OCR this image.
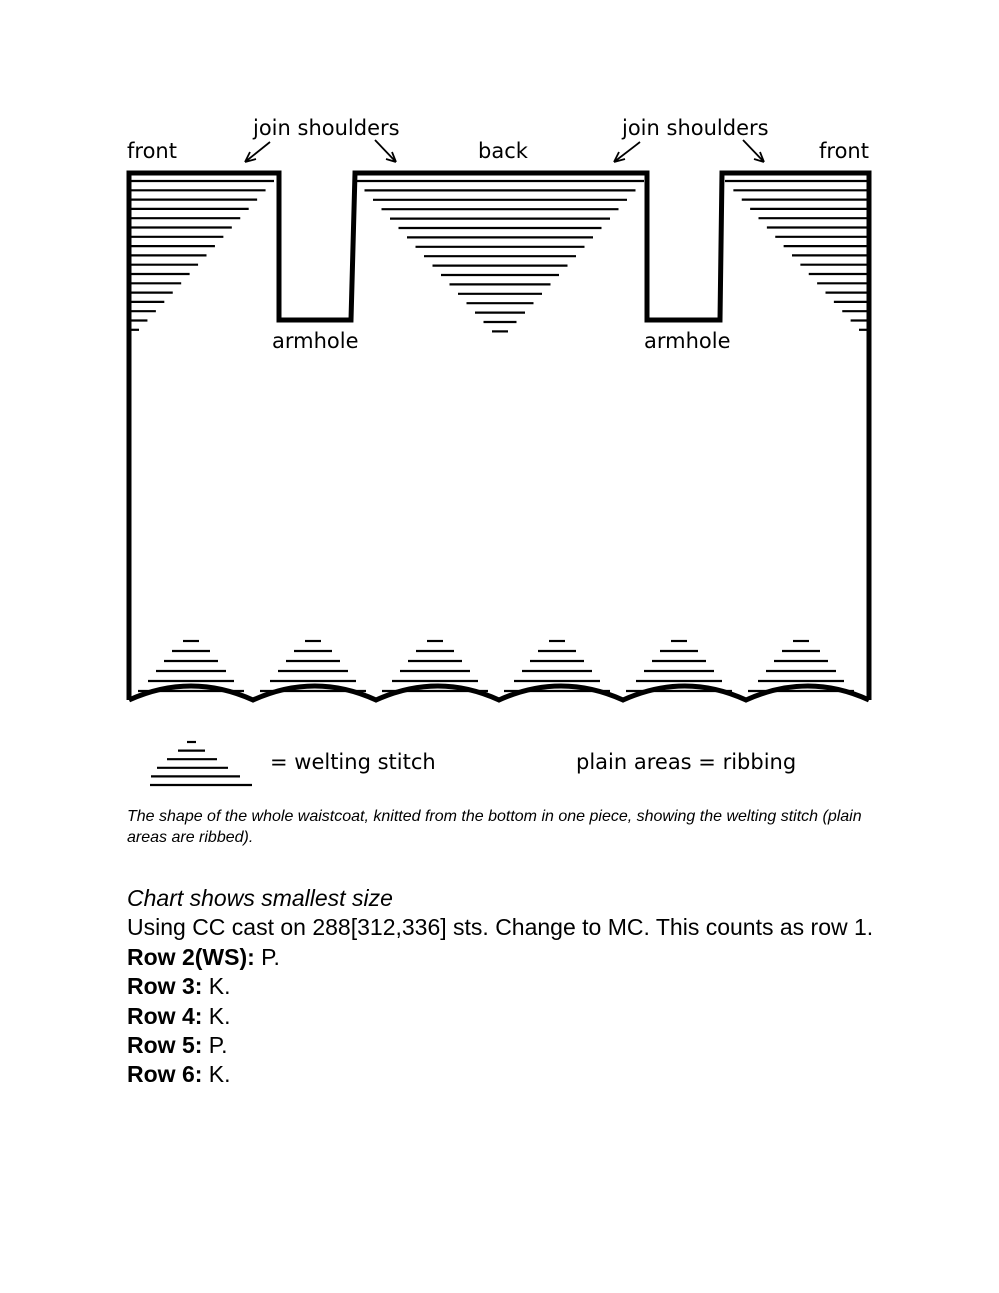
front
join shoulders
back
join shoulders
front
armhole	armhole
= welting stitch	plain areas = ribbing

The shape of the whole waistcoat, knitted from the bottom in one piece, showing the welting stitch (plain areas are ribbed).

Chart shows smallest size

Using CC cast on 288[312,336] sts. Change to MC. This counts as row 1.

Row 2(WS): P.

Row 3: K.

Row 4: K.

Row 5: P.

Row 6: K.
